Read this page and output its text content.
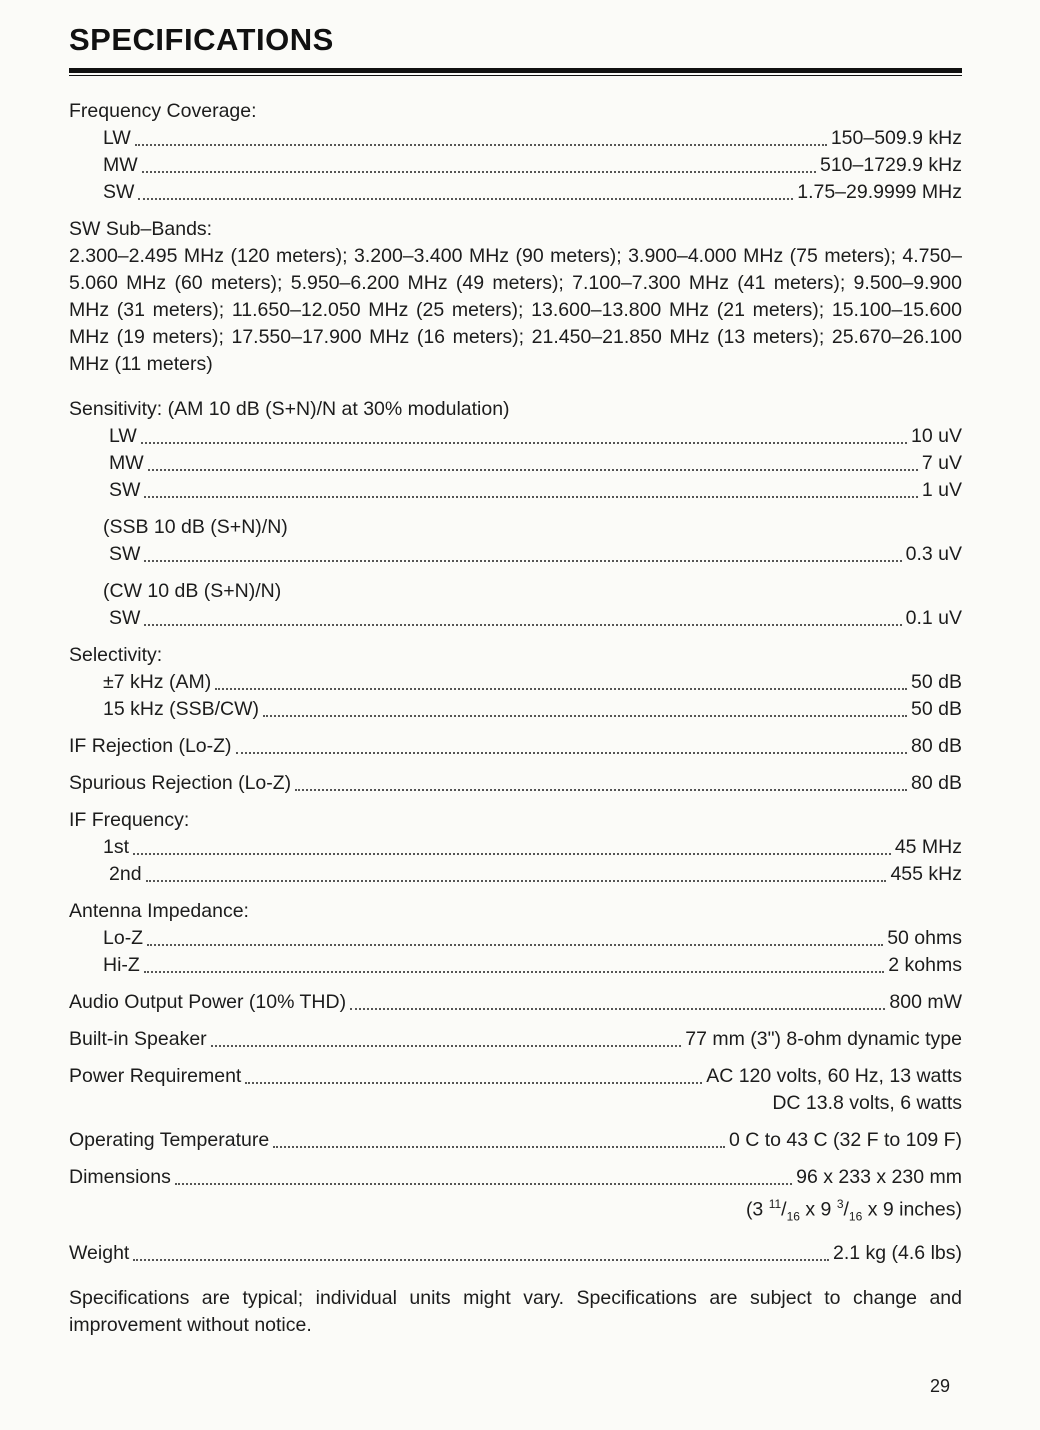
SPECIFICATIONS

Frequency Coverage:

LW	150–509.9 kHz
MW	510–1729.9 kHz
SW	1.75–29.9999 MHz

SW Sub–Bands:

2.300–2.495 MHz (120 meters); 3.200–3.400 MHz (90 meters); 3.900–4.000 MHz (75 meters); 4.750–5.060 MHz (60 meters); 5.950–6.200 MHz (49 meters); 7.100–7.300 MHz (41 meters); 9.500–9.900 MHz (31 meters); 11.650–12.050 MHz (25 meters); 13.600–13.800 MHz (21 meters); 15.100–15.600 MHz (19 meters); 17.550–17.900 MHz (16 meters); 21.450–21.850 MHz (13 meters); 25.670–26.100 MHz (11 meters)

Sensitivity: (AM 10 dB (S+N)/N at 30% modulation)

LW	10 uV
MW	7 uV
SW	1 uV

(SSB 10 dB (S+N)/N)

SW	0.3 uV

(CW 10 dB (S+N)/N)

SW	0.1 uV

Selectivity:

±7 kHz (AM)	50 dB
15 kHz (SSB/CW)	50 dB
IF Rejection (Lo-Z)	80 dB
Spurious Rejection (Lo-Z)	80 dB

IF Frequency:

1st	45 MHz
2nd	455 kHz

Antenna Impedance:

Lo-Z	50 ohms
Hi-Z	2 kohms
Audio Output Power (10% THD)	800 mW
Built-in Speaker	77 mm (3") 8-ohm dynamic type
Power Requirement	AC 120 volts, 60 Hz, 13 watts

DC 13.8 volts, 6 watts

Operating Temperature	0 C to 43 C (32 F to 109 F)
Dimensions	96 x 233 x 230 mm

(3 $^{11}/_{16}$ x 9 $^3/_{16}$ x 9 inches)

Weight	2.1 kg (4.6 lbs)

Specifications are typical; individual units might vary. Specifications are subject to change and improvement without notice.

29
